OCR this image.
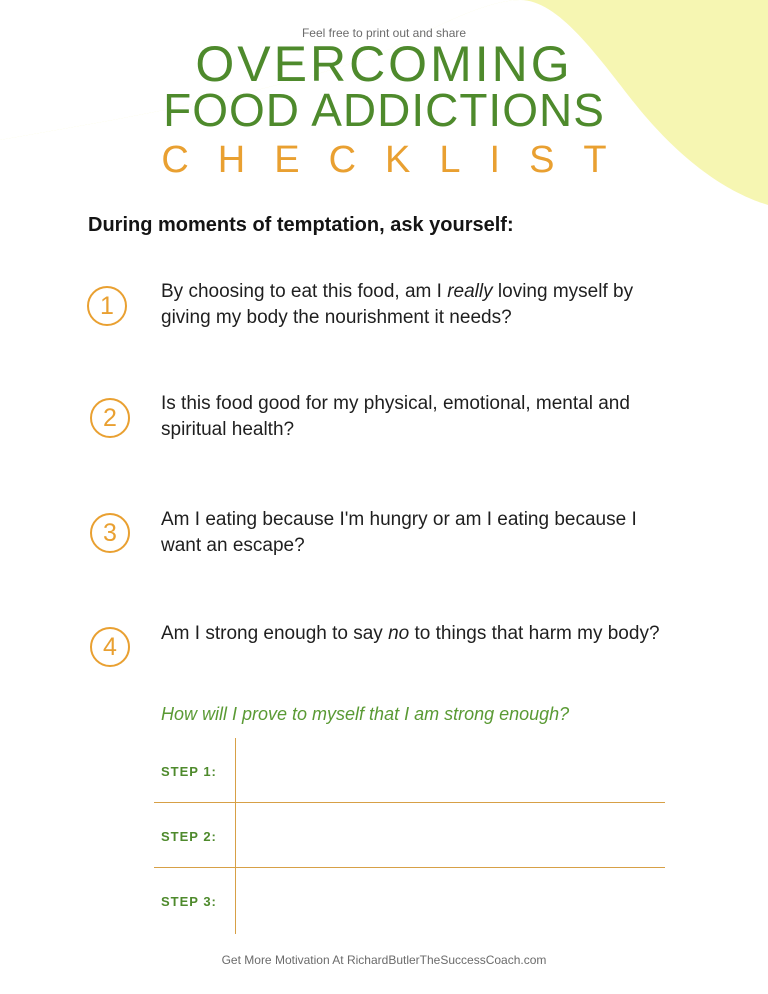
Feel free to print out and share
OVERCOMING
FOOD ADDICTIONS
CHECKLIST
During moments of temptation, ask yourself:
1
By choosing to eat this food, am I really loving myself by giving my body the nourishment it needs?
2
Is this food good for my physical, emotional, mental and spiritual health?
3	Am I eating because I'm hungry or am I eating because I want an escape?
4	Am I strong enough to say no to things that harm my body?
How will I prove to myself that I am strong enough?
STEP 1:
STEP 2:
STEP 3:
Get More Motivation At RichardButlerTheSuccessCoach.com
